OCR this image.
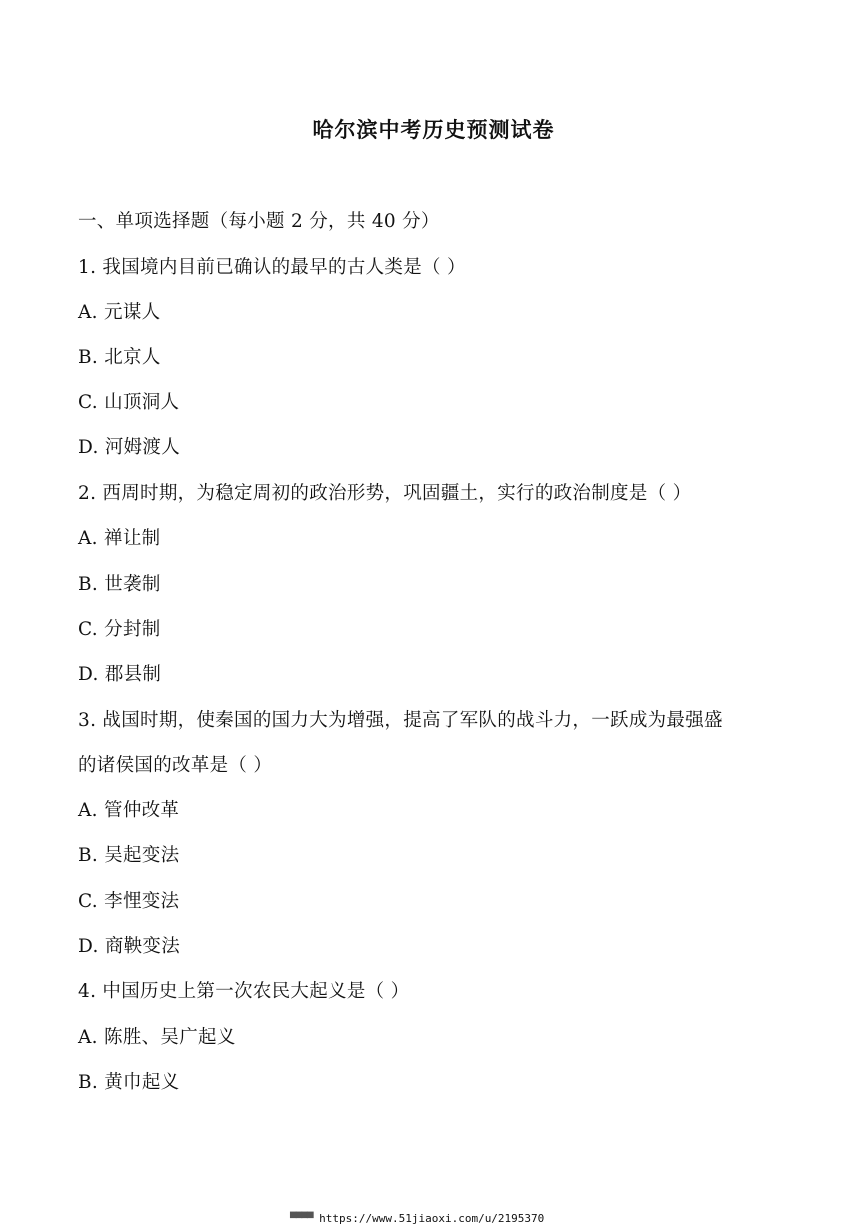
哈尔滨中考历史预测试卷
一、单项选择题（每小题 2 分，共 40 分）
1. 我国境内目前已确认的最早的古人类是（ ）
A. 元谋人
B. 北京人
C. 山顶洞人
D. 河姆渡人
2. 西周时期，为稳定周初的政治形势，巩固疆土，实行的政治制度是（ ）
A. 禅让制
B. 世袭制
C. 分封制
D. 郡县制
3. 战国时期，使秦国的国力大为增强，提高了军队的战斗力，一跃成为最强盛
的诸侯国的改革是（ ）
A. 管仲改革
B. 吴起变法
C. 李悝变法
D. 商鞅变法
4. 中国历史上第一次农民大起义是（ ）
A. 陈胜、吴广起义
B. 黄巾起义
▀▀▀▀ https://www.51jiaoxi.com/u/2195370
